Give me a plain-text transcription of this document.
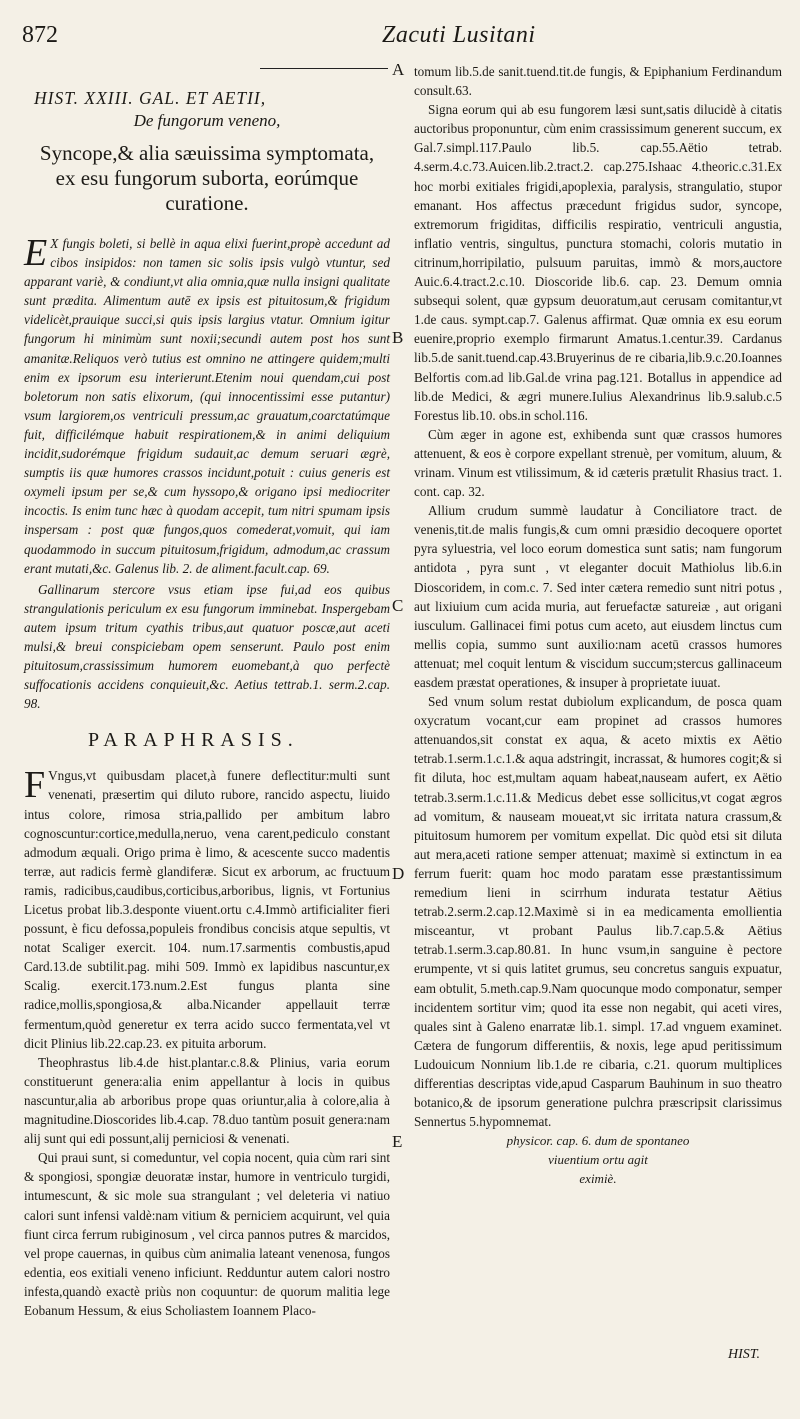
872	Zacuti Lusitani
A
B
C
D
E
HIST. XXIII. GAL. ET AETII,
De fungorum veneno,
Syncope,& alia sæuissima symptomata, ex esu fungorum suborta, eorúmque curatione.

E X fungis boleti, si bellè in aqua elixi fuerint,propè accedunt ad cibos insipidos: non tamen sic solis ipsis vulgò vtuntur, sed apparant variè, & condiunt,vt alia omnia,quæ nulla insigni qualitate sunt prædita. Alimentum autē ex ipsis est pituitosum,& frigidum videlicèt,prauique succi,si quis ipsis largius vtatur. Omnium igitur fungorum hi minimùm sunt noxii;secundi autem post hos sunt amanitæ.Reliquos verò tutius est omnino ne attingere quidem;multi enim ex ipsorum esu interierunt.Etenim noui quendam,cui post boletorum non satis elixorum, (qui innocentissimi esse putantur) vsum largiorem,os ventriculi pressum,ac grauatum,coarctatúmque fuit, difficilémque habuit respirationem,& in animi deliquium incidit,sudorémque frigidum sudauit,ac demum seruari ægrè, sumptis iis quæ humores crassos incidunt,potuit : cuius generis est oxymeli ipsum per se,& cum hyssopo,& origano ipsi mediocriter incoctis. Is enim tunc hæc à quodam accepit, tum nitri spumam ipsis inspersam : post quæ fungos,quos comederat,vomuit, qui iam quodammodo in succum pituitosum,frigidum, admodum,ac crassum erant mutati,&c. Galenus lib. 2. de aliment.facult.cap. 69.

Gallinarum stercore vsus etiam ipse fui,ad eos quibus strangulationis periculum ex esu fungorum imminebat. Inspergebam autem ipsum tritum cyathis tribus,aut quatuor poscæ,aut aceti mulsi,& breui conspiciebam opem senserunt. Paulo post enim pituitosum,crassissimum humorem euomebant,à quo perfectè suffocationis accidens conquieuit,&c. Aetius tettrab.1. serm.2.cap. 98.

PARAPHRASIS.

F Vngus,vt quibusdam placet,à funere deflectitur:multi sunt venenati, præsertim qui diluto rubore, rancido aspectu, liuido intus colore, rimosa stria,pallido per ambitum labro cognoscuntur:cortice,medulla,neruo, vena carent,pediculo constant admodum æquali. Origo prima è limo, & acescente succo madentis terræ, aut radicis fermè glandiferæ. Sicut ex arborum, ac fructuum ramis, radicibus,caudibus,corticibus,arboribus, lignis, vt Fortunius Licetus probat lib.3.desponte viuent.ortu c.4.Immò artificialiter fieri possunt, è ficu defossa,populeis frondibus concisis atque sepultis, vt notat Scaliger exercit. 104. num.17.sarmentis combustis,apud Card.13.de subtilit.pag. mihi 509. Immò ex lapidibus nascuntur,ex Scalig. exercit.173.num.2.Est fungus planta sine radice,mollis,spongiosa,& alba.Nicander appellauit terræ fermentum,quòd generetur ex terra acido succo fermentata,vel vt dicit Plinius lib.22.cap.23. ex pituita arborum.

Theophrastus lib.4.de hist.plantar.c.8.& Plinius, varia eorum constituerunt genera:alia enim appellantur à locis in quibus nascuntur,alia ab arboribus prope quas oriuntur,alia à colore,alia à magnitudine.Dioscorides lib.4.cap. 78.duo tantùm posuit genera:nam alij sunt qui edi possunt,alij perniciosi & venenati.

Qui praui sunt, si comeduntur, vel copia nocent, quia cùm rari sint & spongiosi, spongiæ deuoratæ instar, humore in ventriculo turgidi, intumescunt, & sic mole sua strangulant ; vel deleteria vi natiuo calori sunt infensi valdè:nam vitium & perniciem acquirunt, vel quia fiunt circa ferrum rubiginosum , vel circa pannos putres & marcidos, vel prope cauernas, in quibus cùm animalia lateant venenosa, fungos edentia, eos exitiali veneno inficiunt. Redduntur autem calori nostro infesta,quandò exactè priùs non coquuntur: de quorum malitia lege Eobanum Hessum, & eius Scholiastem Ioannem Placo-

tomum lib.5.de sanit.tuend.tit.de fungis, & Epiphanium Ferdinandum consult.63.

Signa eorum qui ab esu fungorem læsi sunt,satis dilucidè à citatis auctoribus proponuntur, cùm enim crassissimum generent succum, ex Gal.7.simpl.117.Paulo lib.5. cap.55.Aëtio tetrab. 4.serm.4.c.73.Auicen.lib.2.tract.2. cap.275.Ishaac 4.theoric.c.31.Ex hoc morbi exitiales frigidi,apoplexia, paralysis, strangulatio, stupor emanant. Hos affectus præcedunt frigidus sudor, syncope, extremorum frigiditas, difficilis respiratio, ventriculi angustia, inflatio ventris, singultus, punctura stomachi, coloris mutatio in citrinum,horripilatio, pulsuum paruitas, immò & mors,auctore Auic.6.4.tract.2.c.10. Dioscoride lib.6. cap. 23. Demum omnia subsequi solent, quæ gypsum deuoratum,aut cerusam comitantur,vt 1.de caus. sympt.cap.7. Galenus affirmat. Quæ omnia ex esu eorum euenire,proprio exemplo firmarunt Amatus.1.centur.39. Cardanus lib.5.de sanit.tuend.cap.43.Bruyerinus de re cibaria,lib.9.c.20.Ioannes Belfortis com.ad lib.Gal.de vrina pag.121. Botallus in appendice ad lib.de Medici, & ægri munere.Iulius Alexandrinus lib.9.salub.c.5 Forestus lib.10. obs.in schol.116.

Cùm æger in agone est, exhibenda sunt quæ crassos humores attenuent, & eos è corpore expellant strenuè, per vomitum, aluum, & vrinam. Vinum est vtilissimum, & id cæteris prætulit Rhasius tract. 1. cont. cap. 32.

Allium crudum summè laudatur à Conciliatore tract. de venenis,tit.de malis fungis,& cum omni præsidio decoquere oportet pyra syluestria, vel loco eorum domestica sunt satis; nam fungorum antidota , pyra sunt , vt eleganter docuit Mathiolus lib.6.in Dioscoridem, in com.c. 7. Sed inter cætera remedio sunt nitri potus , aut lixiuium cum acida muria, aut feruefactæ satureiæ , aut origani iusculum. Gallinacei fimi potus cum aceto, aut eiusdem linctus cum mellis copia, summo sunt auxilio:nam acetū crassos humores attenuat; mel coquit lentum & viscidum succum;stercus gallinaceum easdem præstat operationes, & insuper à proprietate iuuat.

Sed vnum solum restat dubiolum explicandum, de posca quam oxycratum vocant,cur eam propinet ad crassos humores attenuandos,sit constat ex aqua, & aceto mixtis ex Aëtio tetrab.1.serm.1.c.1.& aqua adstringit, incrassat, & humores cogit;& si fit diluta, hoc est,multam aquam habeat,nauseam aufert, ex Aëtio tetrab.3.serm.1.c.11.& Medicus debet esse sollicitus,vt cogat ægros ad vomitum, & nauseam moueat,vt sic irritata natura crassum,& pituitosum humorem per vomitum expellat. Dic quòd etsi sit diluta aut mera,aceti ratione semper attenuat; maximè si extinctum in ea ferrum fuerit: quam hoc modo paratam esse præstantissimum remedium lieni in scirrhum indurata testatur Aëtius tetrab.2.serm.2.cap.12.Maximè si in ea medicamenta emollientia misceantur, vt probant Paulus lib.7.cap.5.& Aëtius tetrab.1.serm.3.cap.80.81. In hunc vsum,in sanguine è pectore erumpente, vt si quis latitet grumus, seu concretus sanguis expuatur, eam obtulit, 5.meth.cap.9.Nam quocunque modo componatur, semper incidentem sortitur vim; quod ita esse non negabit, qui aceti vires, quales sint à Galeno enarratæ lib.1. simpl. 17.ad vnguem examinet. Cætera de fungorum differentiis, & noxis, lege apud peritissimum Ludouicum Nonnium lib.1.de re cibaria, c.21. quorum multiplices differentias descriptas vide,apud Casparum Bauhinum in suo theatro botanico,& de ipsorum generatione pulchra præscripsit clarissimus Sennertus 5.hypomnemat.

physicor. cap. 6. dum de spontaneo
viuentium ortu agit
eximiè.
HIST.
